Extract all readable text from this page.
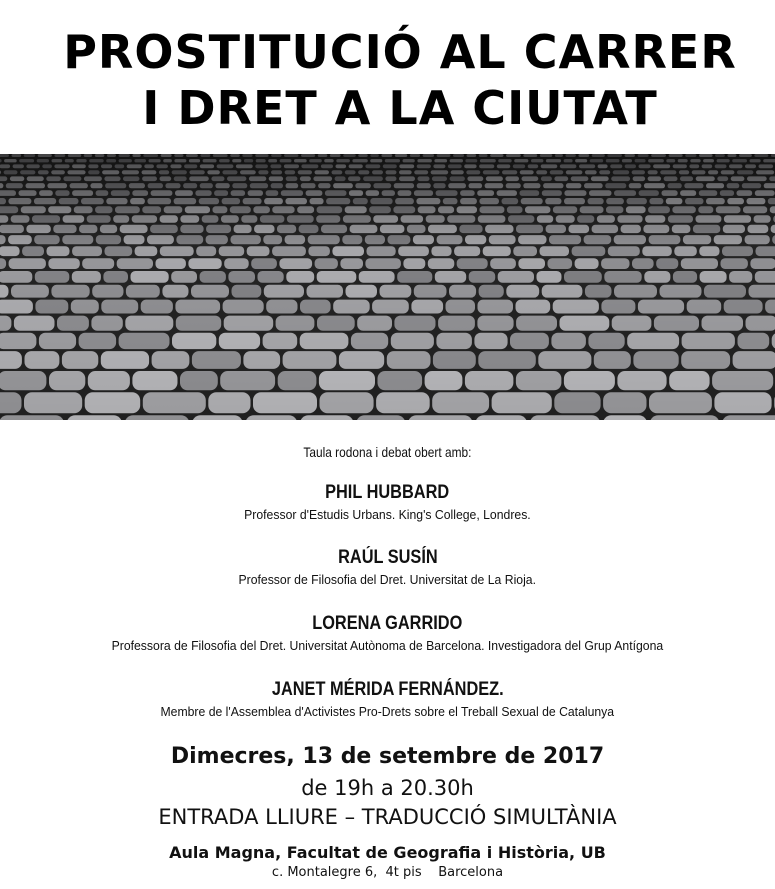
PROSTITUCIÓ AL CARRER
I DRET A LA CIUTAT
Taula rodona i debat obert amb:
PHIL HUBBARD
Professor d'Estudis Urbans. King's College, Londres.
RAÚL SUSÍN
Professor de Filosofia del Dret. Universitat de La Rioja.
LORENA GARRIDO
Professora de Filosofia del Dret. Universitat Autònoma de Barcelona. Investigadora del Grup Antígona
JANET MÉRIDA FERNÁNDEZ.
Membre de l'Assemblea d'Activistes Pro-Drets sobre el Treball Sexual de Catalunya
Dimecres, 13 de setembre de 2017
de 19h a 20.30h
ENTRADA LLIURE – TRADUCCIÓ SIMULTÀNIA
Aula Magna, Facultat de Geografia i Història, UB
c. Montalegre 6,  4t pis    Barcelona
